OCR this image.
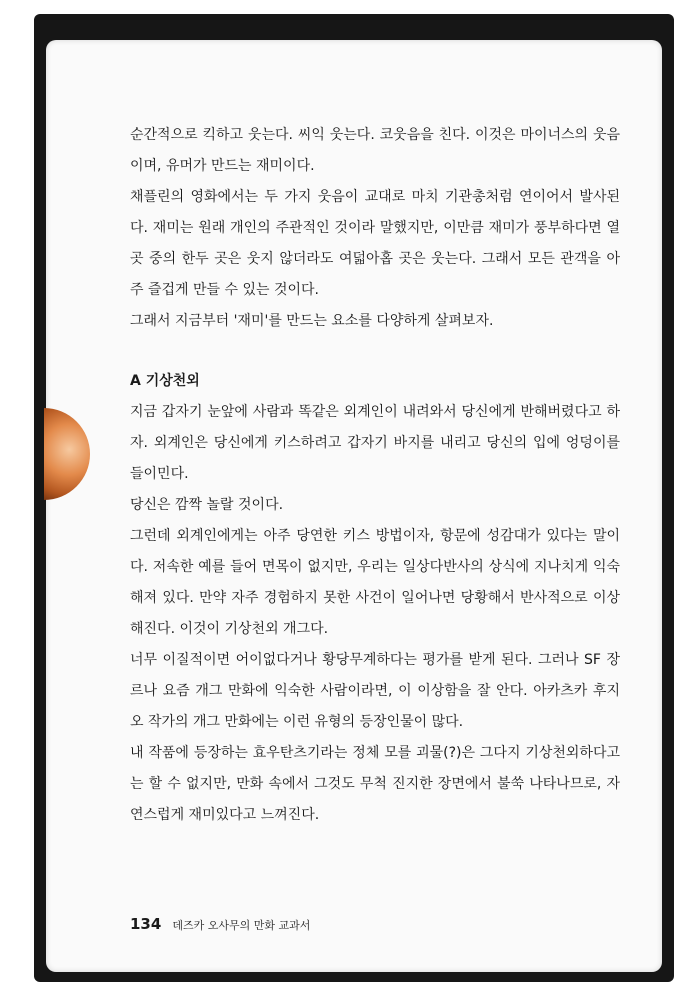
순간적으로 킥하고 웃는다. 씨익 웃는다. 코웃음을 친다. 이것은 마이너스의 웃음이며, 유머가 만드는 재미이다.

채플린의 영화에서는 두 가지 웃음이 교대로 마치 기관총처럼 연이어서 발사된다. 재미는 원래 개인의 주관적인 것이라 말했지만, 이만큼 재미가 풍부하다면 열 곳 중의 한두 곳은 웃지 않더라도 여덟아홉 곳은 웃는다. 그래서 모든 관객을 아주 즐겁게 만들 수 있는 것이다.

그래서 지금부터 '재미'를 만드는 요소를 다양하게 살펴보자.

A 기상천외

지금 갑자기 눈앞에 사람과 똑같은 외계인이 내려와서 당신에게 반해버렸다고 하자. 외계인은 당신에게 키스하려고 갑자기 바지를 내리고 당신의 입에 엉덩이를 들이민다.

당신은 깜짝 놀랄 것이다.

그런데 외계인에게는 아주 당연한 키스 방법이자, 항문에 성감대가 있다는 말이다. 저속한 예를 들어 면목이 없지만, 우리는 일상다반사의 상식에 지나치게 익숙해져 있다. 만약 자주 경험하지 못한 사건이 일어나면 당황해서 반사적으로 이상해진다. 이것이 기상천외 개그다.

너무 이질적이면 어이없다거나 황당무계하다는 평가를 받게 된다. 그러나 SF 장르나 요즘 개그 만화에 익숙한 사람이라면, 이 이상함을 잘 안다. 아카츠카 후지오 작가의 개그 만화에는 이런 유형의 등장인물이 많다.

내 작품에 등장하는 효우탄츠기라는 정체 모를 괴물(?)은 그다지 기상천외하다고는 할 수 없지만, 만화 속에서 그것도 무척 진지한 장면에서 불쑥 나타나므로, 자연스럽게 재미있다고 느껴진다.

134 데즈카 오사무의 만화 교과서
